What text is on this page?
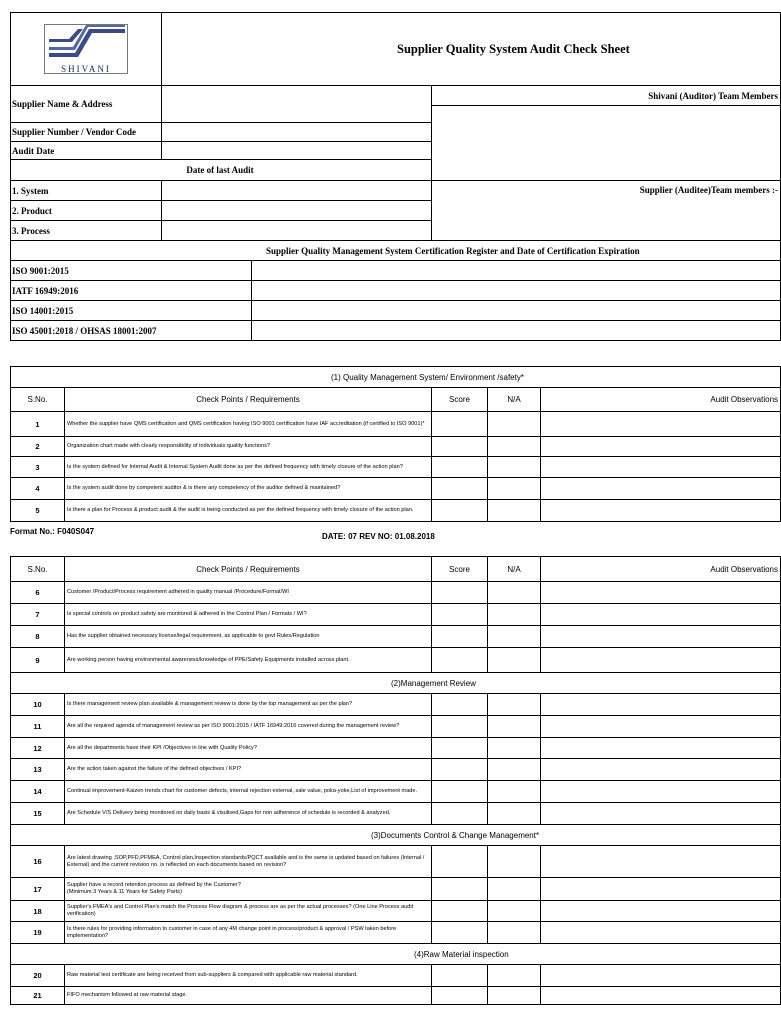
SHIVANI	Supplier Quality System Audit Check Sheet		
Supplier Name & Address			Shivani (Auditor) Team Members

Supplier Number / Vendor Code			
Audit Date			
Date of last Audit			
1. System			Supplier (Auditee)Team members :-
2. Product			
3. Process			
Supplier Quality Management System Certification Register and Date of Certification Expiration			
ISO 9001:2015			
IATF 16949:2016			
ISO 14001:2015			
ISO 45001:2018 / OHSAS 18001:2007			
(1) Quality Management System/ Environment /safety*				
S.No.	Check Points / Requirements	Score	N/A	Audit Observations
1	Whether the supplier have QMS certification and QMS certification having ISO 9001 certification have IAF accreditation (if certified to ISO 9001)*			
2	Organization chart made with clearly responsibility of individuals quality functions?			
3	Is the system defined for Internal Audit & Internal System Audit done as per the defined frequency with timely closure of the action plan?			
4	Is the system audit done by competent auditor & is there any competency of the auditor defined & maintained?			
5	Is there a plan for Process & product audit & the audit is being conducted as per the defined frequency with timely closure of the action plan.			
Format No.: F040S047
DATE: 07 REV NO: 01.08.2018
S.No.	Check Points / Requirements	Score	N/A	Audit Observations
6	Customer /Product/Process requirement adhered in quality manual /Procedure/Format/WI			
7	Is special controls on product safety are monitored & adhered in the Control Plan / Formats / WI?			
8	Has the supplier obtained necessary license/legal requirement, as applicable to govt Rules/Regulation			
9	Are working person having environmental awareness/knowledge of PPE/Safety Equipments installed across plant.			
(2)Management Review				
10	Is there management review plan available & management review is done by the top management as per the plan?			
11	Are all the required agenda of management review as per ISO 9001:2015 / IATF 16949:2016 covered during the management review?			
12	Are all the departments have their KPI /Objectives in line with Quality Policy?			
13	Are the action taken against the failure of the defined objectives / KPI?			
14	Continual improvement-Kaizen trends chart for customer defects, internal rejection external, sale value, poka-yoke,List of improvement made.			
15	Are Schedule V/S Delivery being monitored on daily basis & visulised,Gaps for non adherence of schedule is recorded & analyzed.			
(3)Documents Control & Change Management*				
16	Are latest drawing ,SOP,PFD,PFMEA, Control plan,Inspection standards/PQCT available and is the same is updated based on failures (Internal / External) and the current revision no. is reflected on each documents based on revision?			
17	Supplier have a record retention process as defined by the Customer?
(Minimum 3 Years & 11 Years for Safety Parts)			
18	Supplier's FMEA's and Control Plan's match the Process Flow diagram & process are as per the actual processes? (One Line Process audit verification)			
19	Is there rules for providing information to customer in case of any 4M change point in process/product & approval / PSW taken before implementation?			
(4)Raw Material inspection				
20	Raw material test certificate are being received from sub-suppliers & compared with applicable raw material standard.			
21	FIFO mechanism followed at raw material stage.			
